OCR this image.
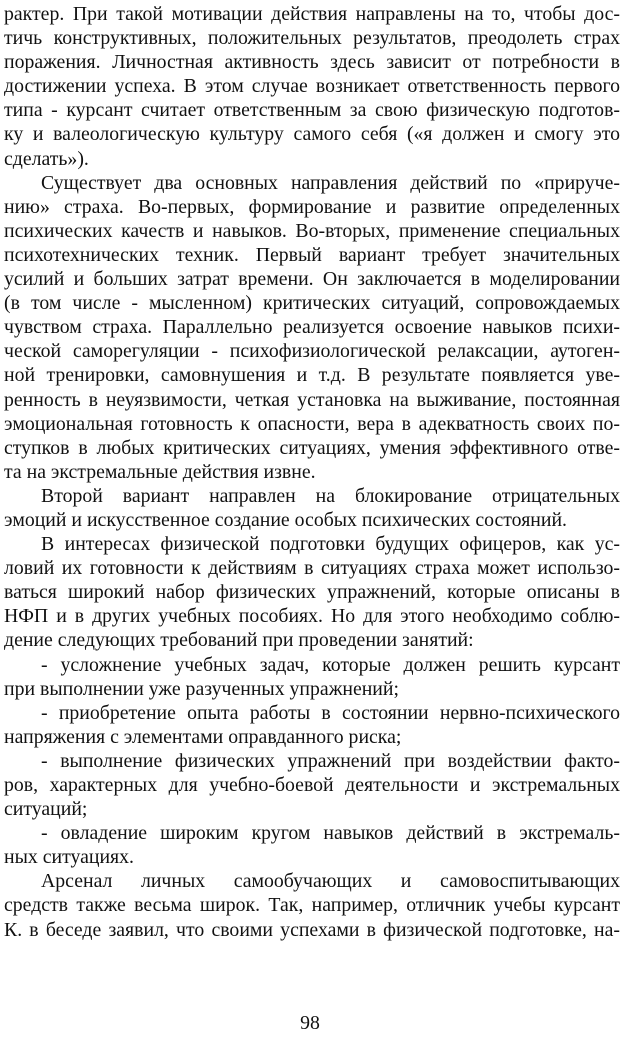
рактер. При такой мотивации действия направлены на то, чтобы дос-
тичь конструктивных, положительных результатов, преодолеть страх
поражения. Личностная активность здесь зависит от потребности в
достижении успеха. В этом случае возникает ответственность первого
типа - курсант считает ответственным за свою физическую подготов-
ку и валеологическую культуру самого себя («я должен и смогу это
сделать»).
Существует два основных направления действий по «прируче-
нию» страха. Во-первых, формирование и развитие определенных
психических качеств и навыков. Во-вторых, применение специальных
психотехнических техник. Первый вариант требует значительных
усилий и больших затрат времени. Он заключается в моделировании
(в том числе - мысленном) критических ситуаций, сопровождаемых
чувством страха. Параллельно реализуется освоение навыков психи-
ческой саморегуляции - психофизиологической релаксации, аутоген-
ной тренировки, самовнушения и т.д. В результате появляется уве-
ренность в неуязвимости, четкая установка на выживание, постоянная
эмоциональная готовность к опасности, вера в адекватность своих по-
ступков в любых критических ситуациях, умения эффективного отве-
та на экстремальные действия извне.
Второй вариант направлен на блокирование отрицательных
эмоций и искусственное создание особых психических состояний.
В интересах физической подготовки будущих офицеров, как ус-
ловий их готовности к действиям в ситуациях страха может использо-
ваться широкий набор физических упражнений, которые описаны в
НФП и в других учебных пособиях. Но для этого необходимо соблю-
дение следующих требований при проведении занятий:
- усложнение учебных задач, которые должен решить курсант
при выполнении уже разученных упражнений;
- приобретение опыта работы в состоянии нервно-психического
напряжения с элементами оправданного риска;
- выполнение физических упражнений при воздействии факто-
ров, характерных для учебно-боевой деятельности и экстремальных
ситуаций;
- овладение широким кругом навыков действий в экстремаль-
ных ситуациях.
Арсенал личных самообучающих и самовоспитывающих
средств также весьма широк. Так, например, отличник учебы курсант
К. в беседе заявил, что своими успехами в физической подготовке, на-
98
